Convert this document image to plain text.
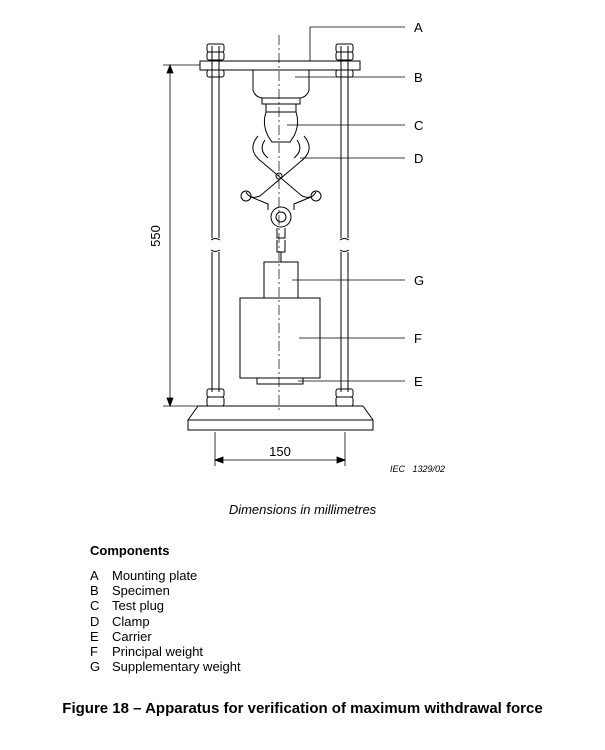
A
B
C
D
G
F
E
550
150
IEC   1329/02
Dimensions in millimetres
Components
A Mounting plate
B Specimen
C Test plug
D Clamp
E Carrier
F Principal weight
G Supplementary weight
Figure 18 – Apparatus for verification of maximum withdrawal force
